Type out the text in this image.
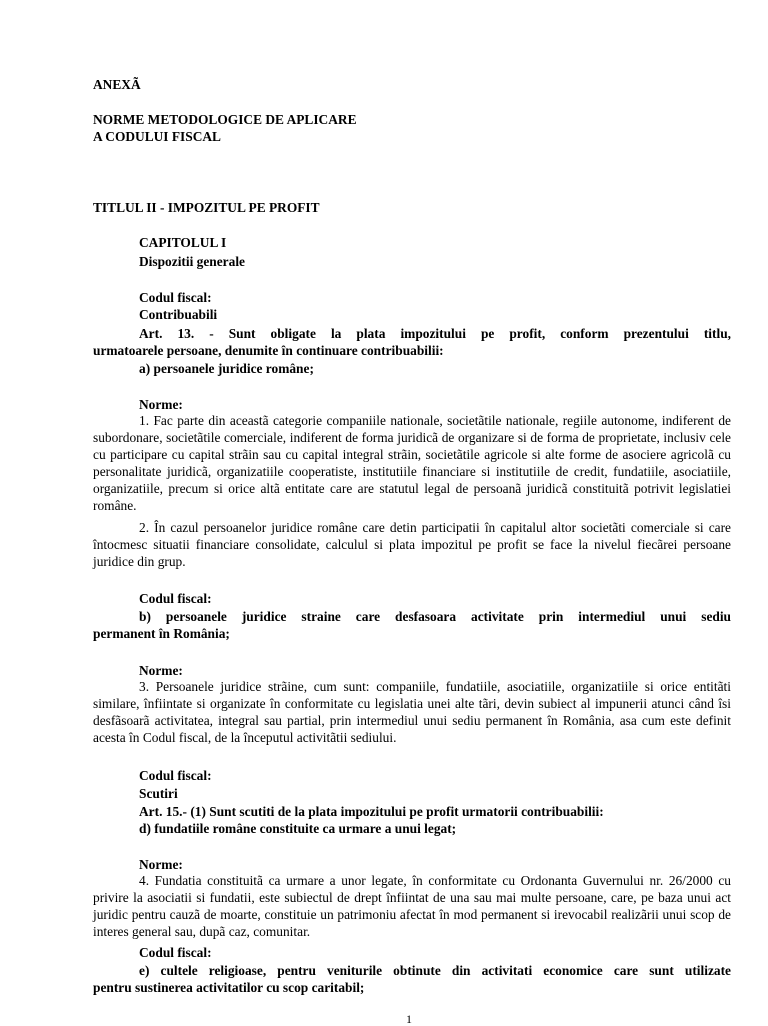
ANEXÃ

NORME METODOLOGICE DE APLICARE

A CODULUI FISCAL

TITLUL II - IMPOZITUL PE PROFIT

CAPITOLUL I

Dispozitii generale

Codul fiscal:

Contribuabili

Art. 13. - Sunt obligate la plata impozitului pe profit, conform prezentului titlu,

urmatoarele persoane, denumite în continuare contribuabilii:

a) persoanele juridice române;

Norme:

1. Fac parte din aceastã categorie companiile nationale, societãtile nationale, regiile autonome, indiferent de subordonare, societãtile comerciale, indiferent de forma juridicã de organizare si de forma de proprietate, inclusiv cele cu participare cu capital strãin sau cu capital integral strãin, societãtile agricole si alte forme de asociere agricolã cu personalitate juridicã, organizatiile cooperatiste, institutiile financiare si institutiile de credit, fundatiile, asociatiile, organizatiile, precum si orice altã entitate care are statutul legal de persoanã juridicã constituitã potrivit legislatiei române.

2. În cazul persoanelor juridice române care detin participatii în capitalul altor societãti comerciale si care întocmesc situatii financiare consolidate, calculul si plata impozitul pe profit se face la nivelul fiecãrei persoane juridice din grup.

Codul fiscal:

b) persoanele juridice straine care desfasoara activitate prin intermediul unui sediu

permanent în România;

Norme:

3. Persoanele juridice strãine, cum sunt: companiile, fundatiile, asociatiile, organizatiile si orice entitãti similare, înfiintate si organizate în conformitate cu legislatia unei alte tãri, devin subiect al impunerii atunci când îsi desfãsoarã activitatea, integral sau partial, prin intermediul unui sediu permanent în România, asa cum este definit acesta în Codul fiscal, de la începutul activitãtii sediului.

Codul fiscal:

Scutiri

Art. 15.- (1) Sunt scutiti de la plata impozitului pe profit urmatorii contribuabilii:

d) fundatiile române constituite ca urmare a unui legat;

Norme:

4. Fundatia constituitã ca urmare a unor legate, în conformitate cu Ordonanta Guvernului nr. 26/2000 cu privire la asociatii si fundatii, este subiectul de drept înfiintat de una sau mai multe persoane, care, pe baza unui act juridic pentru cauzã de moarte, constituie un patrimoniu afectat în mod permanent si irevocabil realizãrii unui scop de interes general sau, dupã caz, comunitar.

Codul fiscal:

e) cultele religioase, pentru veniturile obtinute din activitati economice care sunt utilizate

pentru sustinerea activitatilor cu scop caritabil;

1
